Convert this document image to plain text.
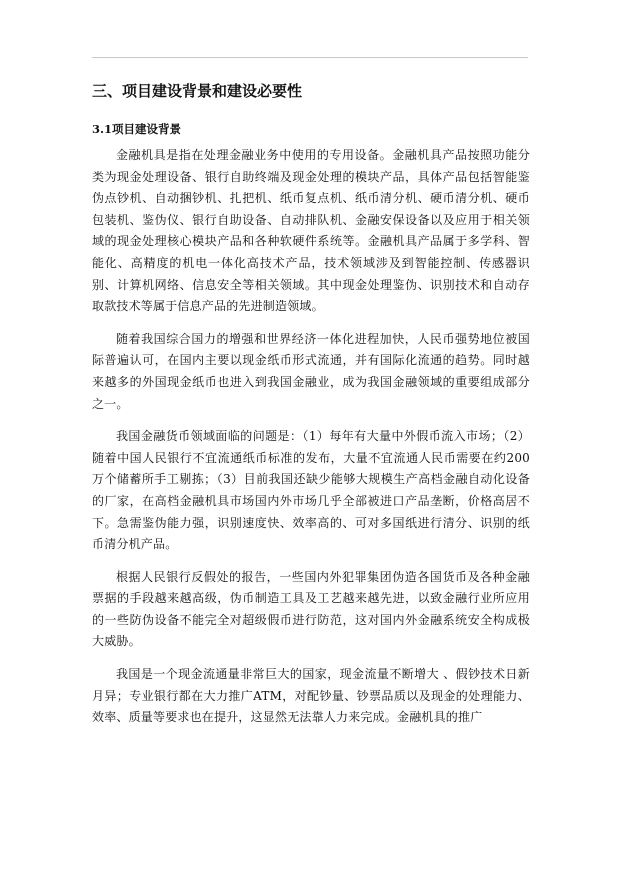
三、项目建设背景和建设必要性
3.1项目建设背景

金融机具是指在处理金融业务中使用的专用设备。金融机具产品按照功能分类为现金处理设备、银行自助终端及现金处理的模块产品，具体产品包括智能鉴伪点钞机、自动捆钞机、扎把机、纸币复点机、纸币清分机、硬币清分机、硬币包装机、鉴伪仪、银行自助设备、自动排队机、金融安保设备以及应用于相关领域的现金处理核心模块产品和各种软硬件系统等。金融机具产品属于多学科、智能化、高精度的机电一体化高技术产品，技术领域涉及到智能控制、传感器识别、计算机网络、信息安全等相关领域。其中现金处理鉴伪、识别技术和自动存取款技术等属于信息产品的先进制造领域。

随着我国综合国力的增强和世界经济一体化进程加快，人民币强势地位被国际普遍认可，在国内主要以现金纸币形式流通，并有国际化流通的趋势。同时越来越多的外国现金纸币也进入到我国金融业，成为我国金融领域的重要组成部分之一。

我国金融货币领域面临的问题是：（1）每年有大量中外假币流入市场；（2）随着中国人民银行不宜流通纸币标准的发布，大量不宜流通人民币需要在约200万个储蓄所手工剔拣；（3）目前我国还缺少能够大规模生产高档金融自动化设备的厂家，在高档金融机具市场国内外市场几乎全部被进口产品垄断，价格高居不下。急需鉴伪能力强，识别速度快、效率高的、可对多国纸进行清分、识别的纸币清分机产品。

根据人民银行反假处的报告，一些国内外犯罪集团伪造各国货币及各种金融票据的手段越来越高级，伪币制造工具及工艺越来越先进，以致金融行业所应用的一些防伪设备不能完全对超级假币进行防范，这对国内外金融系统安全构成极大威胁。

我国是一个现金流通量非常巨大的国家，现金流量不断增大 、假钞技术日新月异；专业银行都在大力推广ATM，对配钞量、钞票品质以及现金的处理能力、效率、质量等要求也在提升，这显然无法靠人力来完成。金融机具的推广
